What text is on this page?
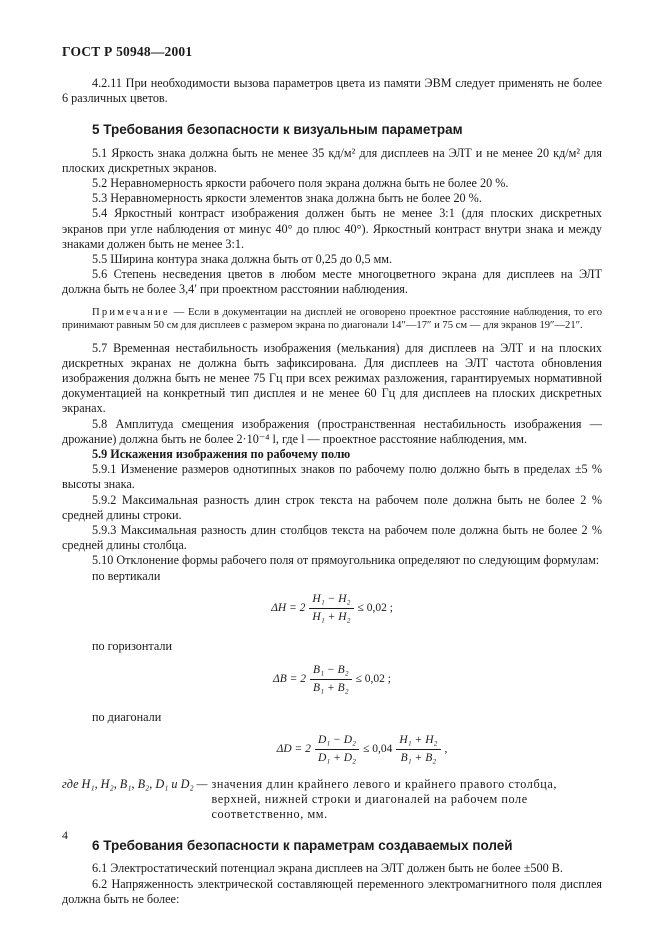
ГОСТ Р 50948—2001

4.2.11 При необходимости вызова параметров цвета из памяти ЭВМ следует применять не более 6 различных цветов.

5 Требования безопасности к визуальным параметрам

5.1 Яркость знака должна быть не менее 35 кд/м² для дисплеев на ЭЛТ и не менее 20 кд/м² для плоских дискретных экранов.

5.2 Неравномерность яркости рабочего поля экрана должна быть не более 20 %.

5.3 Неравномерность яркости элементов знака должна быть не более 20 %.

5.4 Яркостный контраст изображения должен быть не менее 3:1 (для плоских дискретных экранов при угле наблюдения от минус 40° до плюс 40°). Яркостный контраст внутри знака и между знаками должен быть не менее 3:1.

5.5 Ширина контура знака должна быть от 0,25 до 0,5 мм.

5.6 Степень несведения цветов в любом месте многоцветного экрана для дисплеев на ЭЛТ должна быть не более 3,4′ при проектном расстоянии наблюдения.

Примечание — Если в документации на дисплей не оговорено проектное расстояние наблюдения, то его принимают равным 50 см для дисплеев с размером экрана по диагонали 14″—17″ и 75 см — для экранов 19″—21″.

5.7 Временная нестабильность изображения (мелькания) для дисплеев на ЭЛТ и на плоских дискретных экранах не должна быть зафиксирована. Для дисплеев на ЭЛТ частота обновления изображения должна быть не менее 75 Гц при всех режимах разложения, гарантируемых нормативной документацией на конкретный тип дисплея и не менее 60 Гц для дисплеев на плоских дискретных экранах.

5.8 Амплитуда смещения изображения (пространственная нестабильность изображения — дрожание) должна быть не более 2·10⁻⁴ l, где l — проектное расстояние наблюдения, мм.

5.9 Искажения изображения по рабочему полю

5.9.1 Изменение размеров однотипных знаков по рабочему полю должно быть в пределах ±5 % высоты знака.

5.9.2 Максимальная разность длин строк текста на рабочем поле должна быть не более 2 % средней длины строки.

5.9.3 Максимальная разность длин столбцов текста на рабочем поле должна быть не более 2 % средней длины столбца.

5.10 Отклонение формы рабочего поля от прямоугольника определяют по следующим формулам:

по вертикали

$\Delta H = 2 \frac{\text{H₁ − H₂}}{\text{H₁ + H₂}} \le 0,02$ ;

по горизонтали

$\Delta B = 2 \frac{\text{B₁ − B₂}}{\text{B₁ + B₂}} \le 0,02$ ;

по диагонали

$\Delta D = 2 \frac{\text{D₁ − D₂}}{\text{D₁ + D₂}} \le 0,04 \frac{\text{H₁ + H₂}}{\text{B₁ + B₂}}$ ,
где H₁, H₂, B₁, B₂, D₁ и D₂ — значения длин крайнего левого и крайнего правого столбца, верхней, нижней строки и диагоналей на рабочем поле соответственно, мм.
6 Требования безопасности к параметрам создаваемых полей

6.1 Электростатический потенциал экрана дисплеев на ЭЛТ должен быть не более ±500 В.

6.2 Напряженность электрической составляющей переменного электромагнитного поля дисплея должна быть не более:

4
